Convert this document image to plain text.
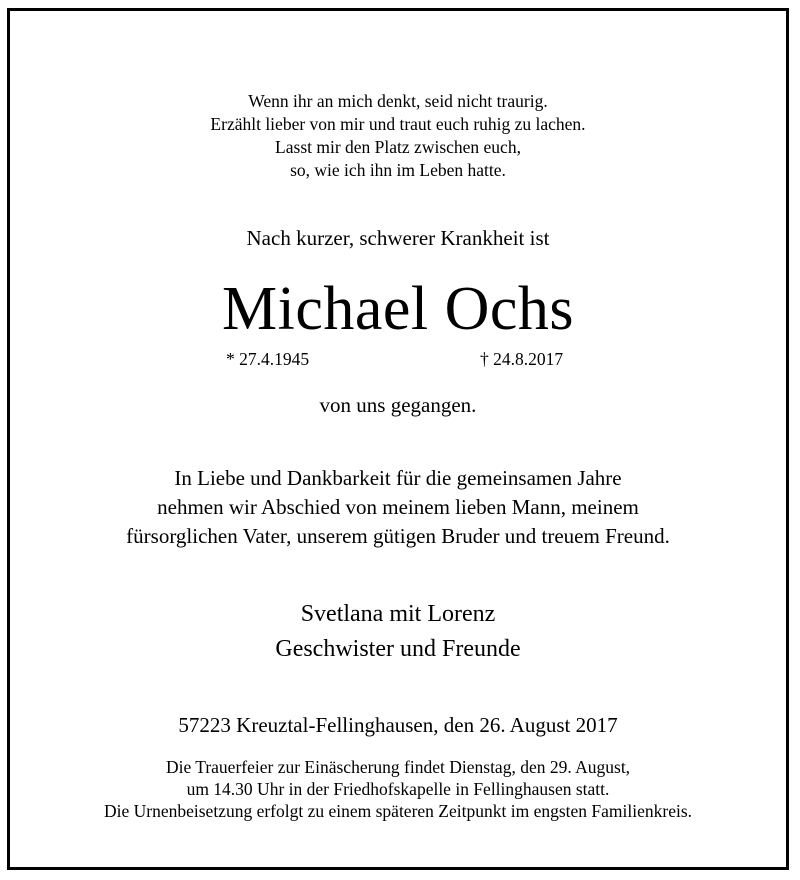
Wenn ihr an mich denkt, seid nicht traurig.
Erzählt lieber von mir und traut euch ruhig zu lachen.
Lasst mir den Platz zwischen euch,
so, wie ich ihn im Leben hatte.
Nach kurzer, schwerer Krankheit ist
Michael Ochs
* 27.4.1945	† 24.8.2017
von uns gegangen.
In Liebe und Dankbarkeit für die gemeinsamen Jahre
nehmen wir Abschied von meinem lieben Mann, meinem
fürsorglichen Vater, unserem gütigen Bruder und treuem Freund.
Svetlana mit Lorenz
Geschwister und Freunde
57223 Kreuztal-Fellinghausen, den 26. August 2017
Die Trauerfeier zur Einäscherung findet Dienstag, den 29. August,
um 14.30 Uhr in der Friedhofskapelle in Fellinghausen statt.
Die Urnenbeisetzung erfolgt zu einem späteren Zeitpunkt im engsten Familienkreis.
